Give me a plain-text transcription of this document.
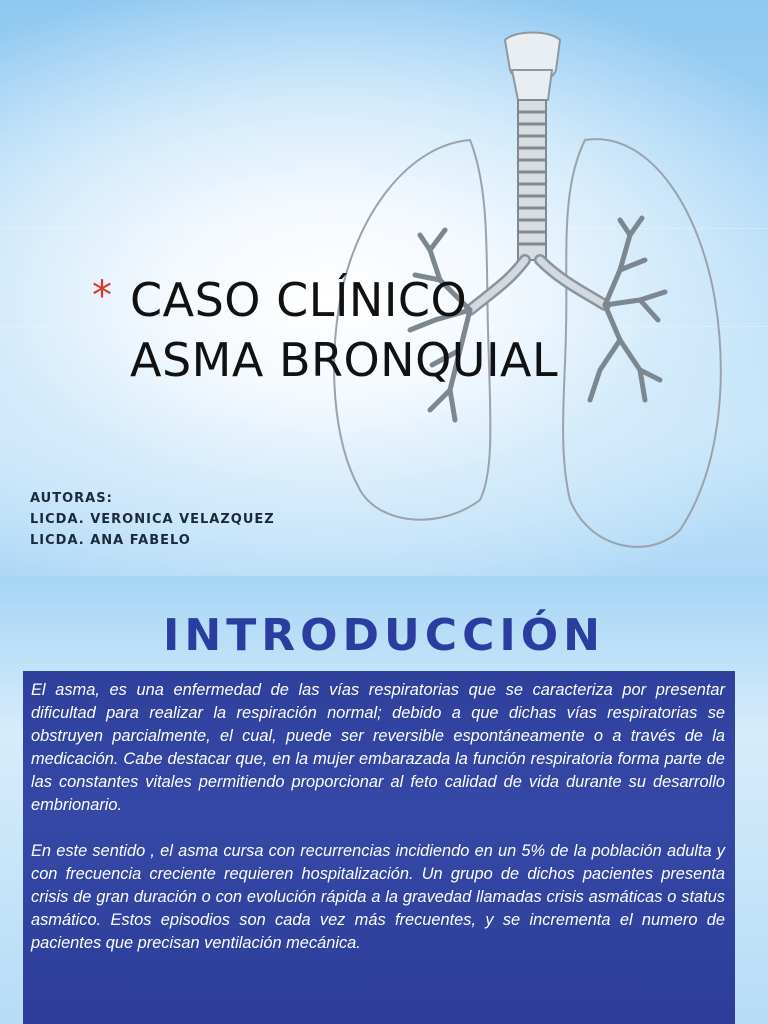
* CASO CLÍNICO
ASMA BRONQUIAL
AUTORAS:
LICDA. VERONICA VELAZQUEZ
LICDA. ANA FABELO
INTRODUCCIÓN

El asma, es una enfermedad de las vías respiratorias que se caracteriza por presentar dificultad para realizar la respiración normal; debido a que dichas vías respiratorias se obstruyen parcialmente, el cual, puede ser reversible espontáneamente o a través de la medicación. Cabe destacar que, en la mujer embarazada la función respiratoria forma parte de las constantes vitales permitiendo proporcionar al feto calidad de vida durante su desarrollo embrionario.

En este sentido , el asma cursa con recurrencias incidiendo en un 5% de la población adulta y con frecuencia creciente requieren hospitalización. Un grupo de dichos pacientes presenta crisis de gran duración o con evolución rápida a la gravedad llamadas crisis asmáticas o status asmático. Estos episodios son cada vez más frecuentes, y se incrementa el numero de pacientes que precisan ventilación mecánica.
